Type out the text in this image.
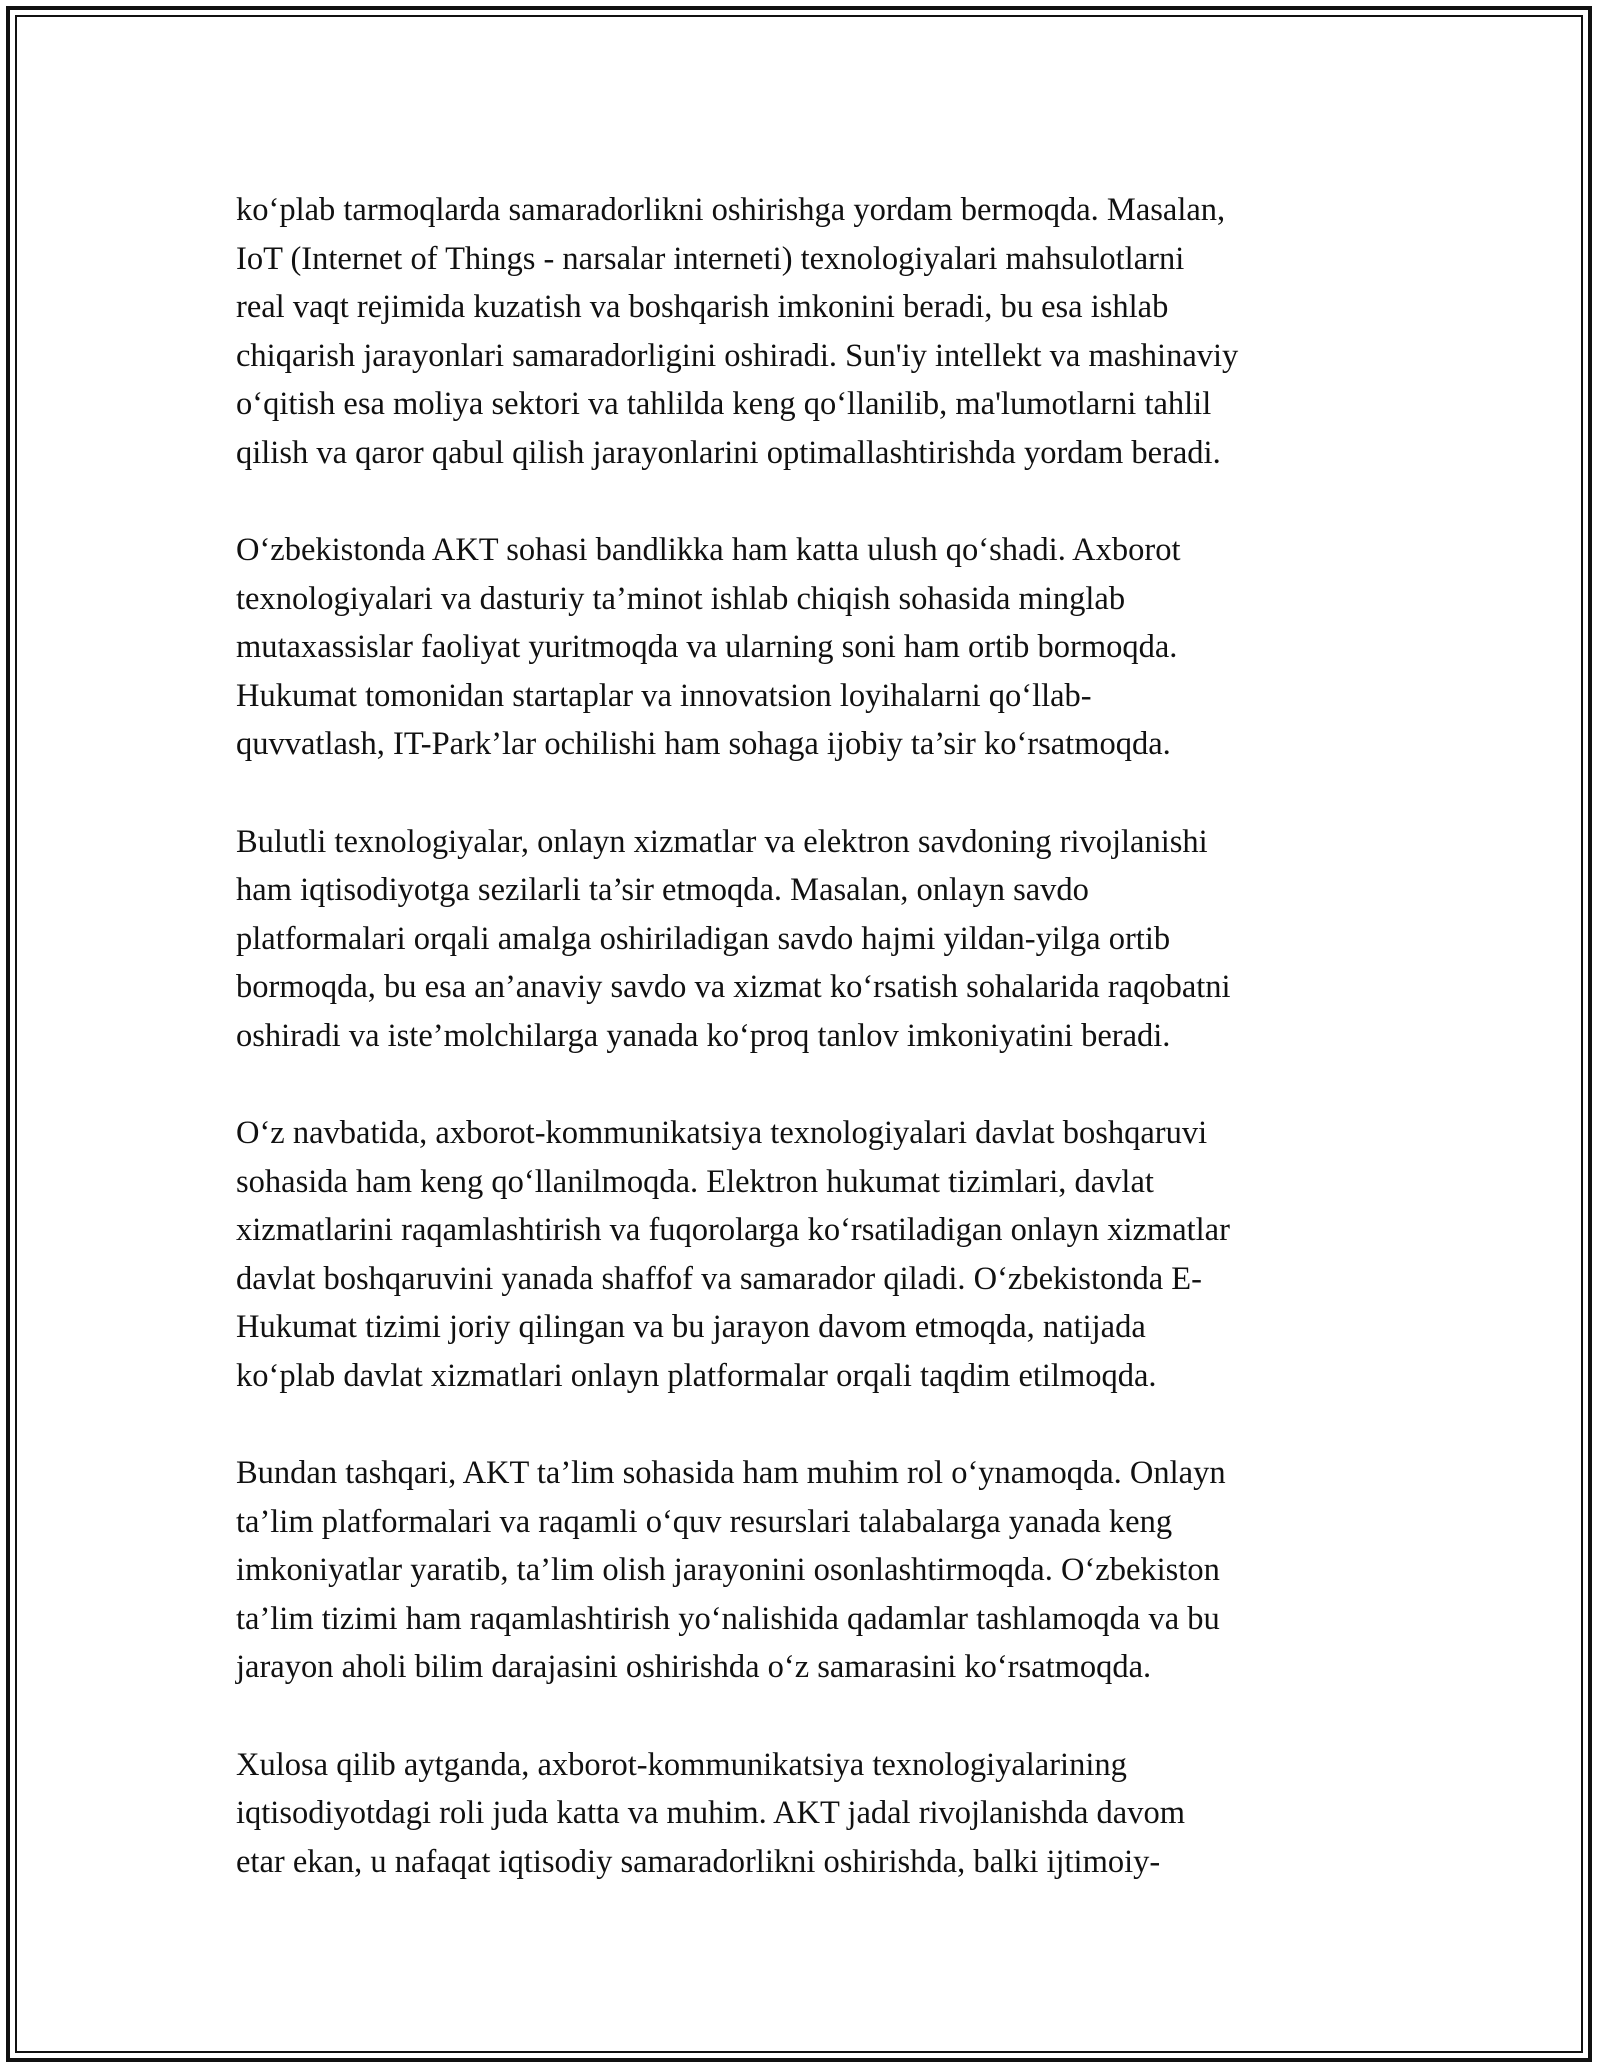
ko‘plab tarmoqlarda samaradorlikni oshirishga yordam bermoqda. Masalan,
IoT (Internet of Things - narsalar interneti) texnologiyalari mahsulotlarni
real vaqt rejimida kuzatish va boshqarish imkonini beradi, bu esa ishlab
chiqarish jarayonlari samaradorligini oshiradi. Sun'iy intellekt va mashinaviy
o‘qitish esa moliya sektori va tahlilda keng qo‘llanilib, ma'lumotlarni tahlil
qilish va qaror qabul qilish jarayonlarini optimallashtirishda yordam beradi.

O‘zbekistonda AKT sohasi bandlikka ham katta ulush qo‘shadi. Axborot
texnologiyalari va dasturiy ta’minot ishlab chiqish sohasida minglab
mutaxassislar faoliyat yuritmoqda va ularning soni ham ortib bormoqda.
Hukumat tomonidan startaplar va innovatsion loyihalarni qo‘llab-
quvvatlash, IT-Park’lar ochilishi ham sohaga ijobiy ta’sir ko‘rsatmoqda.

Bulutli texnologiyalar, onlayn xizmatlar va elektron savdoning rivojlanishi
ham iqtisodiyotga sezilarli ta’sir etmoqda. Masalan, onlayn savdo
platformalari orqali amalga oshiriladigan savdo hajmi yildan-yilga ortib
bormoqda, bu esa an’anaviy savdo va xizmat ko‘rsatish sohalarida raqobatni
oshiradi va iste’molchilarga yanada ko‘proq tanlov imkoniyatini beradi.

O‘z navbatida, axborot-kommunikatsiya texnologiyalari davlat boshqaruvi
sohasida ham keng qo‘llanilmoqda. Elektron hukumat tizimlari, davlat
xizmatlarini raqamlashtirish va fuqorolarga ko‘rsatiladigan onlayn xizmatlar
davlat boshqaruvini yanada shaffof va samarador qiladi. O‘zbekistonda E-
Hukumat tizimi joriy qilingan va bu jarayon davom etmoqda, natijada
ko‘plab davlat xizmatlari onlayn platformalar orqali taqdim etilmoqda.

Bundan tashqari, AKT ta’lim sohasida ham muhim rol o‘ynamoqda. Onlayn
ta’lim platformalari va raqamli o‘quv resurslari talabalarga yanada keng
imkoniyatlar yaratib, ta’lim olish jarayonini osonlashtirmoqda. O‘zbekiston
ta’lim tizimi ham raqamlashtirish yo‘nalishida qadamlar tashlamoqda va bu
jarayon aholi bilim darajasini oshirishda o‘z samarasini ko‘rsatmoqda.

Xulosa qilib aytganda, axborot-kommunikatsiya texnologiyalarining
iqtisodiyotdagi roli juda katta va muhim. AKT jadal rivojlanishda davom
etar ekan, u nafaqat iqtisodiy samaradorlikni oshirishda, balki ijtimoiy-
